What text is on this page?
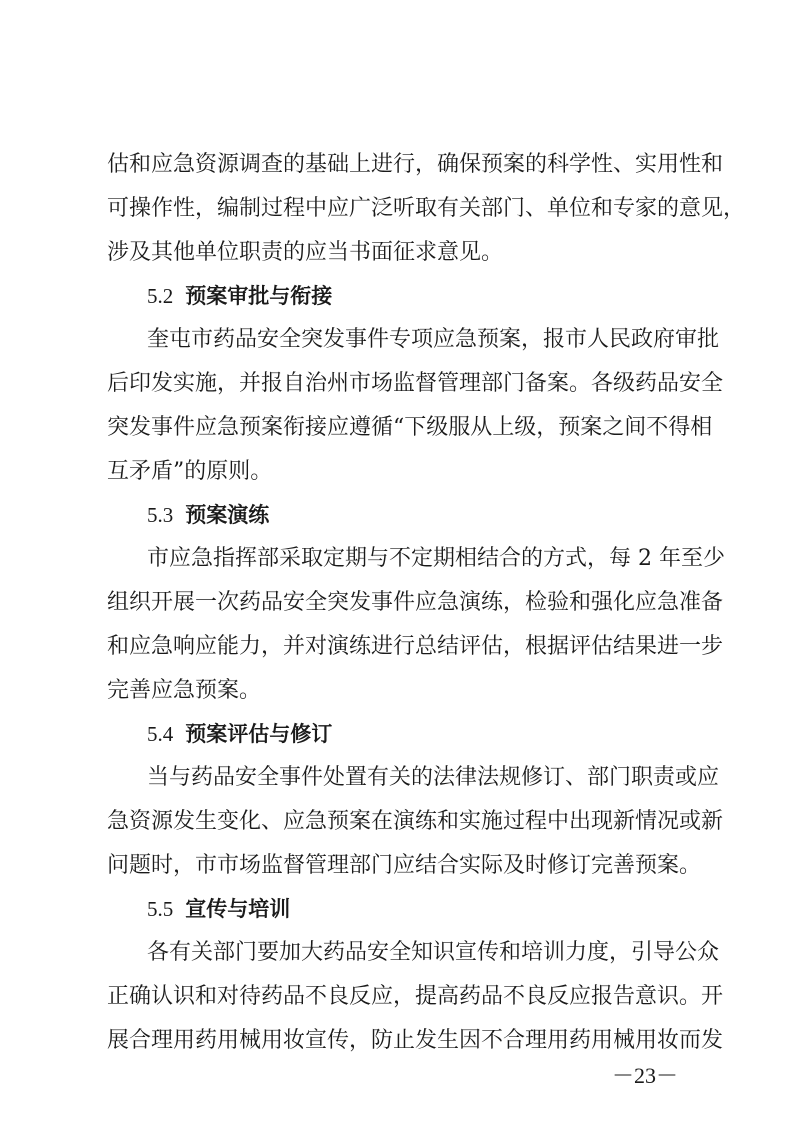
估和应急资源调查的基础上进行，确保预案的科学性、实用性和
可操作性，编制过程中应广泛听取有关部门、单位和专家的意见，
涉及其他单位职责的应当书面征求意见。
5.2 预案审批与衔接
奎屯市药品安全突发事件专项应急预案，报市人民政府审批
后印发实施，并报自治州市场监督管理部门备案。各级药品安全
突发事件应急预案衔接应遵循“下级服从上级，预案之间不得相
互矛盾”的原则。
5.3 预案演练
市应急指挥部采取定期与不定期相结合的方式，每 2 年至少
组织开展一次药品安全突发事件应急演练，检验和强化应急准备
和应急响应能力，并对演练进行总结评估，根据评估结果进一步
完善应急预案。
5.4 预案评估与修订
当与药品安全事件处置有关的法律法规修订、部门职责或应
急资源发生变化、应急预案在演练和实施过程中出现新情况或新
问题时，市市场监督管理部门应结合实际及时修订完善预案。
5.5 宣传与培训
各有关部门要加大药品安全知识宣传和培训力度，引导公众
正确认识和对待药品不良反应，提高药品不良反应报告意识。开
展合理用药用械用妆宣传，防止发生因不合理用药用械用妆而发
－23－
